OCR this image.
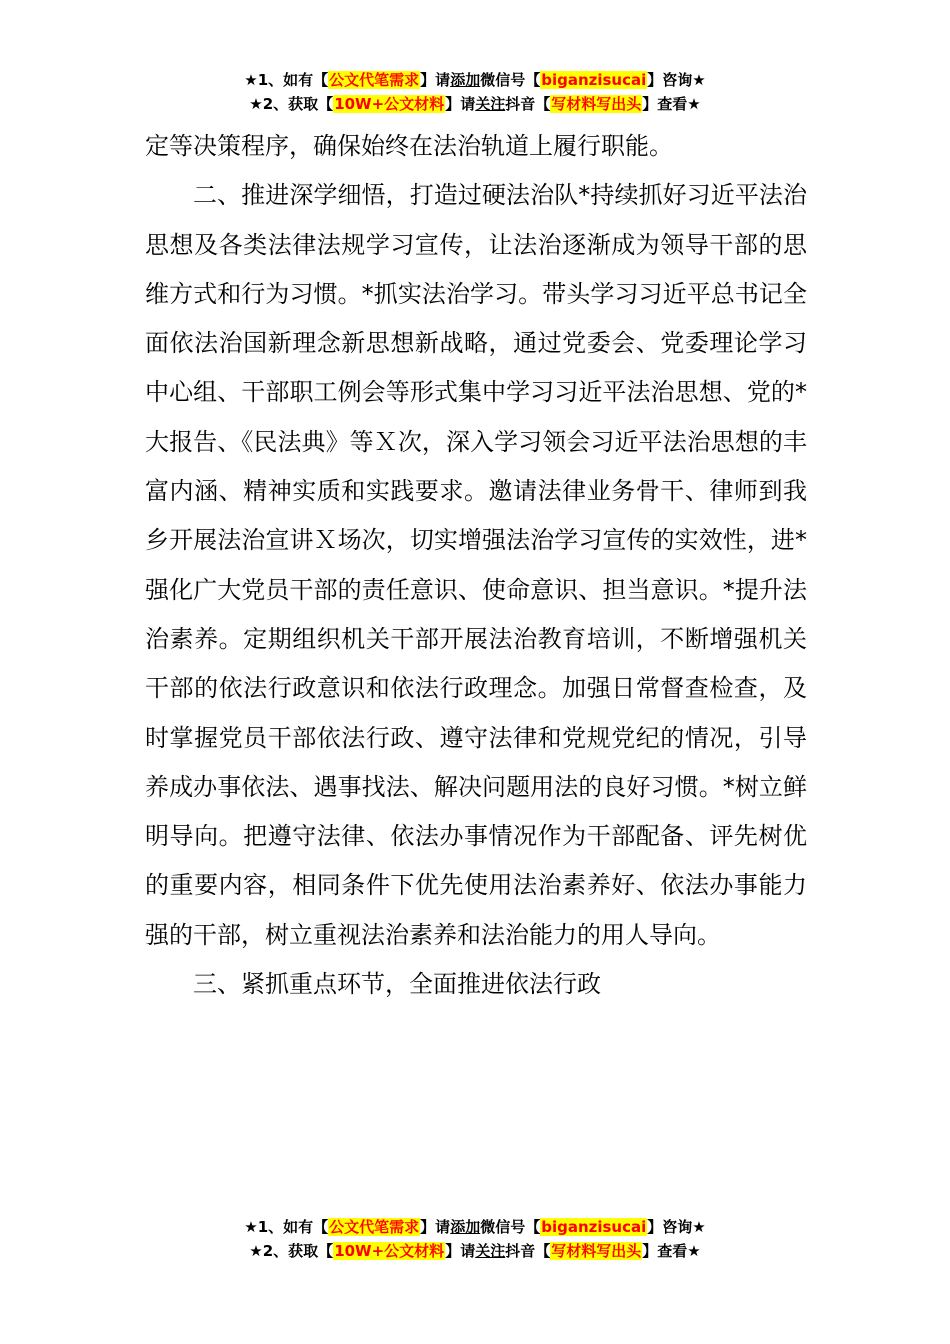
★1、如有【公文代笔需求】请添加微信号【biganzisucai】咨询★
★2、获取【10W+公文材料】请关注抖音【写材料写出头】查看★

定等决策程序，确保始终在法治轨道上履行职能。

二、推进深学细悟，打造过硬法治队*持续抓好习近平法治思想及各类法律法规学习宣传，让法治逐渐成为领导干部的思维方式和行为习惯。*抓实法治学习。带头学习习近平总书记全面依法治国新理念新思想新战略，通过党委会、党委理论学习中心组、干部职工例会等形式集中学习习近平法治思想、党的*大报告、《民法典》等Ｘ次，深入学习领会习近平法治思想的丰富内涵、精神实质和实践要求。邀请法律业务骨干、律师到我乡开展法治宣讲Ｘ场次，切实增强法治学习宣传的实效性，进*强化广大党员干部的责任意识、使命意识、担当意识。*提升法治素养。定期组织机关干部开展法治教育培训，不断增强机关干部的依法行政意识和依法行政理念。加强日常督查检查，及时掌握党员干部依法行政、遵守法律和党规党纪的情况，引导养成办事依法、遇事找法、解决问题用法的良好习惯。*树立鲜明导向。把遵守法律、依法办事情况作为干部配备、评先树优的重要内容，相同条件下优先使用法治素养好、依法办事能力强的干部，树立重视法治素养和法治能力的用人导向。

三、紧抓重点环节，全面推进依法行政

★1、如有【公文代笔需求】请添加微信号【biganzisucai】咨询★
★2、获取【10W+公文材料】请关注抖音【写材料写出头】查看★
